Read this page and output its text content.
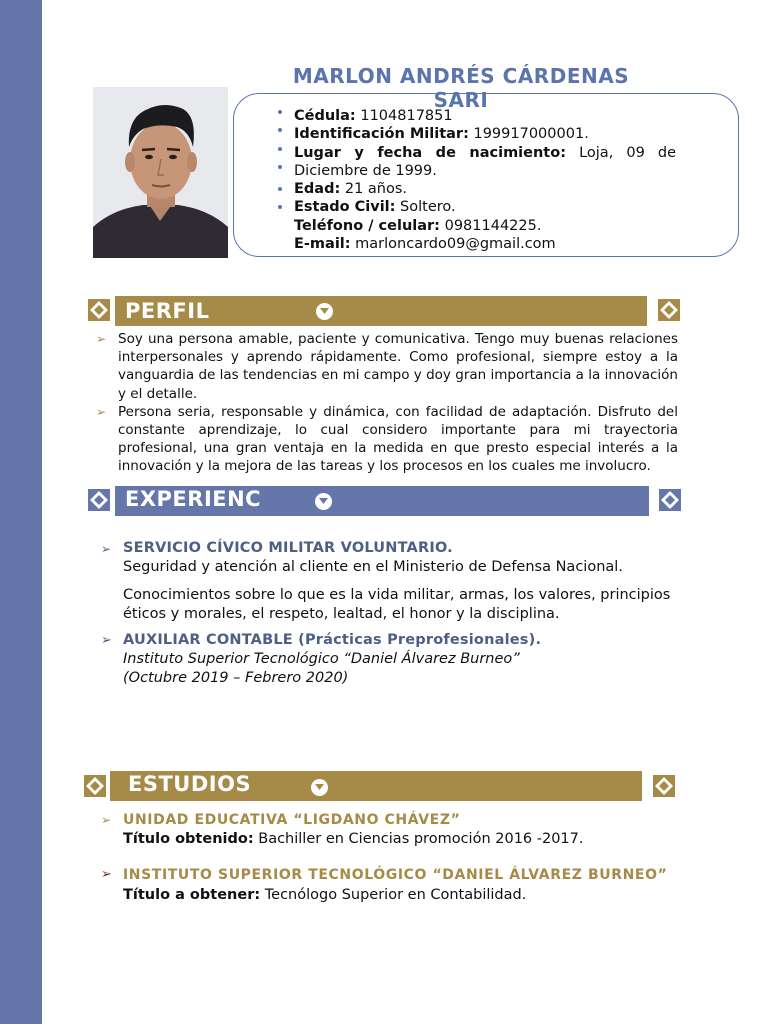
MARLON ANDRÉS CÁRDENAS SARI
Cédula: 1104817851
Identificación Militar: 199917000001.
Lugar y fecha de nacimiento: Loja, 09 de
Diciembre de 1999.
Edad: 21 años.
Estado Civil: Soltero.
Teléfono / celular: 0981144225.
E-mail: marloncardo09@gmail.com
PERFIL
➢ Soy una persona amable, paciente y comunicativa. Tengo muy buenas relaciones interpersonales y aprendo rápidamente. Como profesional, siempre estoy a la vanguardia de las tendencias en mi campo y doy gran importancia a la innovación y el detalle.
➢ Persona seria, responsable y dinámica, con facilidad de adaptación. Disfruto del constante aprendizaje, lo cual considero importante para mi trayectoria profesional, una gran ventaja en la medida en que presto especial interés a la innovación y la mejora de las tareas y los procesos en los cuales me involucro.
EXPERIENC
➢ SERVICIO CÍVICO MILITAR VOLUNTARIO.
Seguridad y atención al cliente en el Ministerio de Defensa Nacional.
Conocimientos sobre lo que es la vida militar, armas, los valores, principios éticos y morales, el respeto, lealtad, el honor y la disciplina.
➢ AUXILIAR CONTABLE (Prácticas Preprofesionales).
Instituto Superior Tecnológico “Daniel Álvarez Burneo”
(Octubre 2019 – Febrero 2020)
ESTUDIOS
➢ UNIDAD EDUCATIVA “LIGDANO CHÁVEZ”
Título obtenido: Bachiller en Ciencias promoción 2016 -2017.
➢ INSTITUTO SUPERIOR TECNOLÓGICO “DANIEL ÁLVAREZ BURNEO”
Título a obtener: Tecnólogo Superior en Contabilidad.
